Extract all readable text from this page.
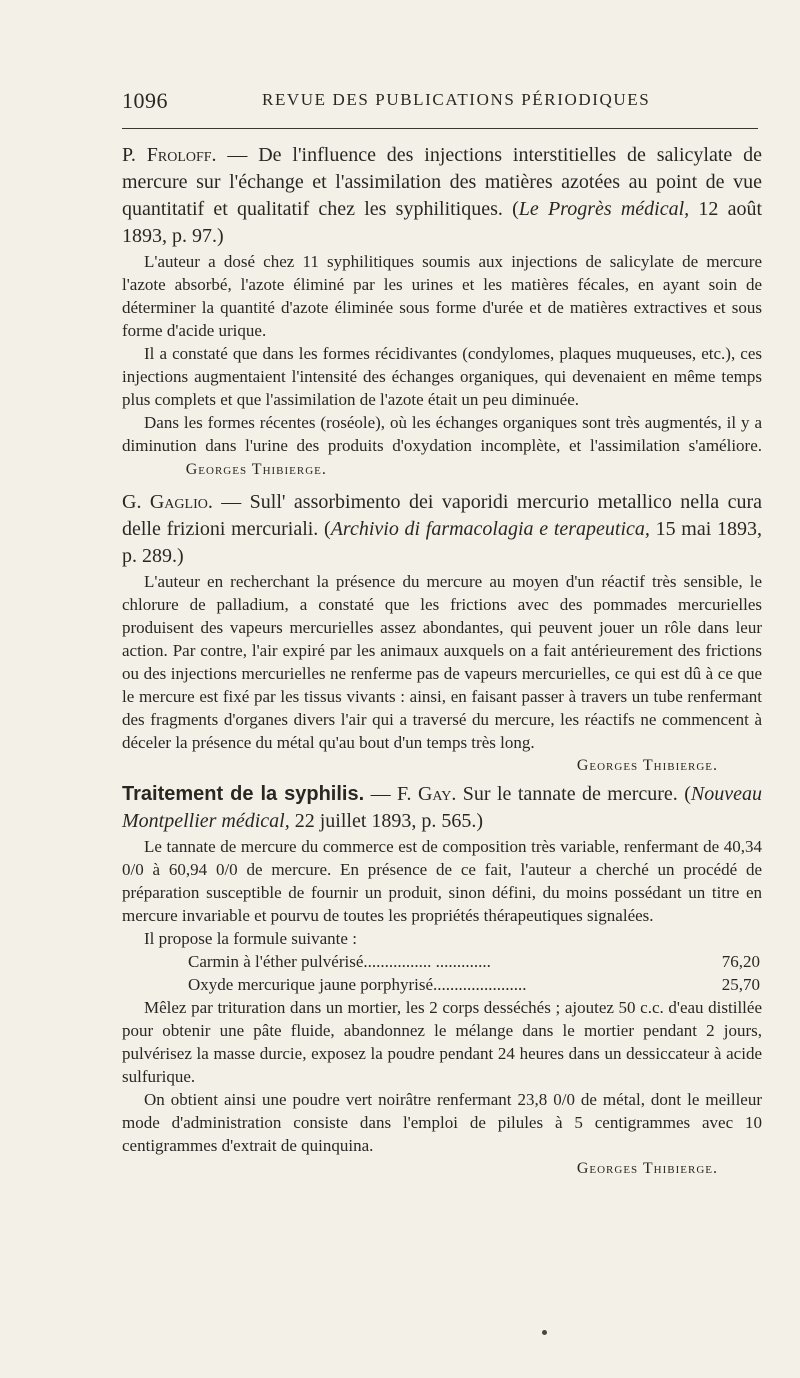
1096	REVUE DES PUBLICATIONS PÉRIODIQUES

P. Froloff. — De l'influence des injections interstitielles de salicylate de mercure sur l'échange et l'assimilation des matières azotées au point de vue quantitatif et qualitatif chez les syphilitiques. (Le Progrès médical, 12 août 1893, p. 97.)

L'auteur a dosé chez 11 syphilitiques soumis aux injections de salicylate de mercure l'azote absorbé, l'azote éliminé par les urines et les matières fécales, en ayant soin de déterminer la quantité d'azote éliminée sous forme d'urée et de matières extractives et sous forme d'acide urique.

Il a constaté que dans les formes récidivantes (condylomes, plaques muqueuses, etc.), ces injections augmentaient l'intensité des échanges organiques, qui devenaient en même temps plus complets et que l'assimilation de l'azote était un peu diminuée.

Dans les formes récentes (roséole), où les échanges organiques sont très augmentés, il y a diminution dans l'urine des produits d'oxydation incomplète, et l'assimilation s'améliore.                Georges Thibierge.

G. Gaglio. — Sull' assorbimento dei vaporidi mercurio metallico nella cura delle frizioni mercuriali. (Archivio di farmacolagia e terapeutica, 15 mai 1893, p. 289.)

L'auteur en recherchant la présence du mercure au moyen d'un réactif très sensible, le chlorure de palladium, a constaté que les frictions avec des pommades mercurielles produisent des vapeurs mercurielles assez abondantes, qui peuvent jouer un rôle dans leur action. Par contre, l'air expiré par les animaux auxquels on a fait antérieurement des frictions ou des injections mercurielles ne renferme pas de vapeurs mercurielles, ce qui est dû à ce que le mercure est fixé par les tissus vivants : ainsi, en faisant passer à travers un tube renfermant des fragments d'organes divers l'air qui a traversé du mercure, les réactifs ne commencent à déceler la présence du métal qu'au bout d'un temps très long.

Georges Thibierge.

Traitement de la syphilis. — F. Gay. Sur le tannate de mercure. (Nouveau Montpellier médical, 22 juillet 1893, p. 565.)

Le tannate de mercure du commerce est de composition très variable, renfermant de 40,34 0/0 à 60,94 0/0 de mercure. En présence de ce fait, l'auteur a cherché un procédé de préparation susceptible de fournir un produit, sinon défini, du moins possédant un titre en mercure invariable et pourvu de toutes les propriétés thérapeutiques signalées.

Il propose la formule suivante :

Carmin à l'éther pulvérisé................ .............	76,20

Oxyde mercurique jaune porphyrisé......................	25,70

Mêlez par trituration dans un mortier, les 2 corps desséchés ; ajoutez 50 c.c. d'eau distillée pour obtenir une pâte fluide, abandonnez le mélange dans le mortier pendant 2 jours, pulvérisez la masse durcie, exposez la poudre pendant 24 heures dans un dessiccateur à acide sulfurique.

On obtient ainsi une poudre vert noirâtre renfermant 23,8 0/0 de métal, dont le meilleur mode d'administration consiste dans l'emploi de pilules à 5 centigrammes avec 10 centigrammes d'extrait de quinquina.

Georges Thibierge.
